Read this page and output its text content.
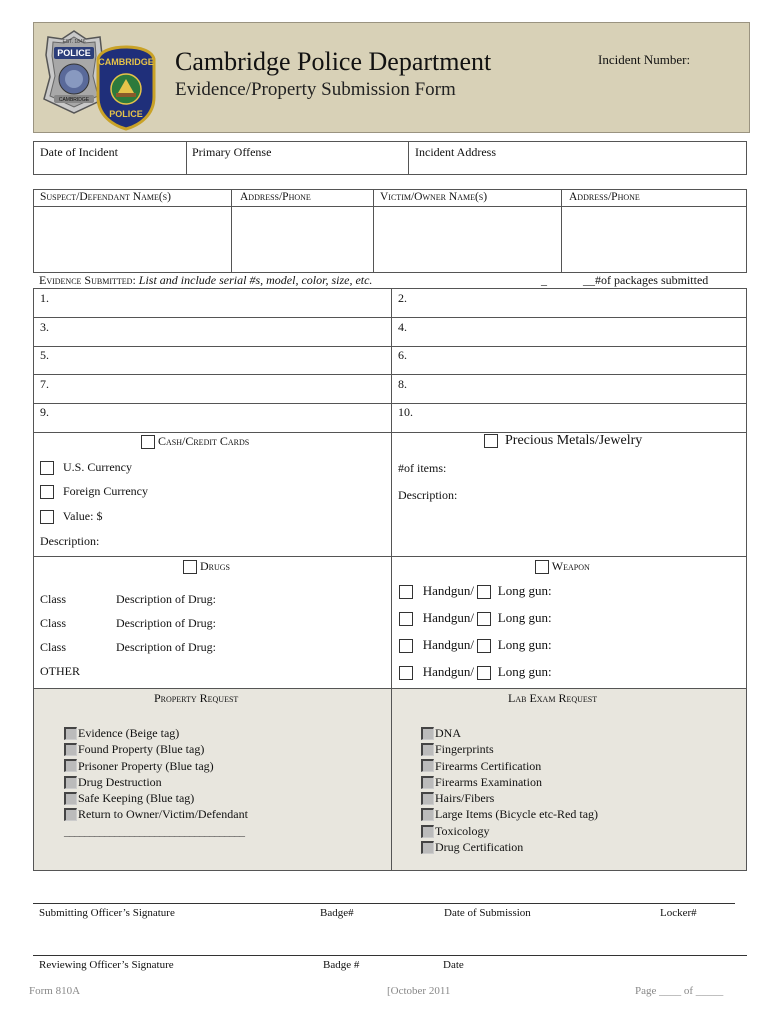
POLICE
EST. 1846
CAMBRIDGE
CAMBRIDGE
POLICE
Cambridge Police Department
Evidence/Property Submission Form
Incident Number:
Date of Incident	Primary Offense	Incident Address
Suspect/Defendant Name(s)	Address/Phone	Victim/Owner Name(s)	Address/Phone
Evidence Submitted: List and include serial #s, model, color, size, etc.	_	__#of packages submitted
1.	2.
3.	4.
5.	6.
7.	8.
9.	10.
Cash/Credit Cards
U.S. Currency
Foreign Currency
Value: $
Description:
Precious Metals/Jewelry
#of items:
Description:
Drugs
Class	Description of Drug:
Class	Description of Drug:
Class	Description of Drug:
OTHER
Weapon
Handgun/ Long gun:
Handgun/ Long gun:
Handgun/ Long gun:
Handgun/ Long gun:
Property Request	Lab Exam Request
Evidence (Beige tag)
Found Property (Blue tag)
Prisoner Property (Blue tag)
Drug Destruction
Safe Keeping (Blue tag)
Return to Owner/Victim/Defendant
____________________________________
DNA
Fingerprints
Firearms Certification
Firearms Examination
Hairs/Fibers
Large Items (Bicycle etc-Red tag)
Toxicology
Drug Certification
Submitting Officer’s Signature	Badge#	Date of Submission	Locker#
Reviewing Officer’s Signature	Badge #	Date
Form 810A	[October 2011	Page ____ of _____
